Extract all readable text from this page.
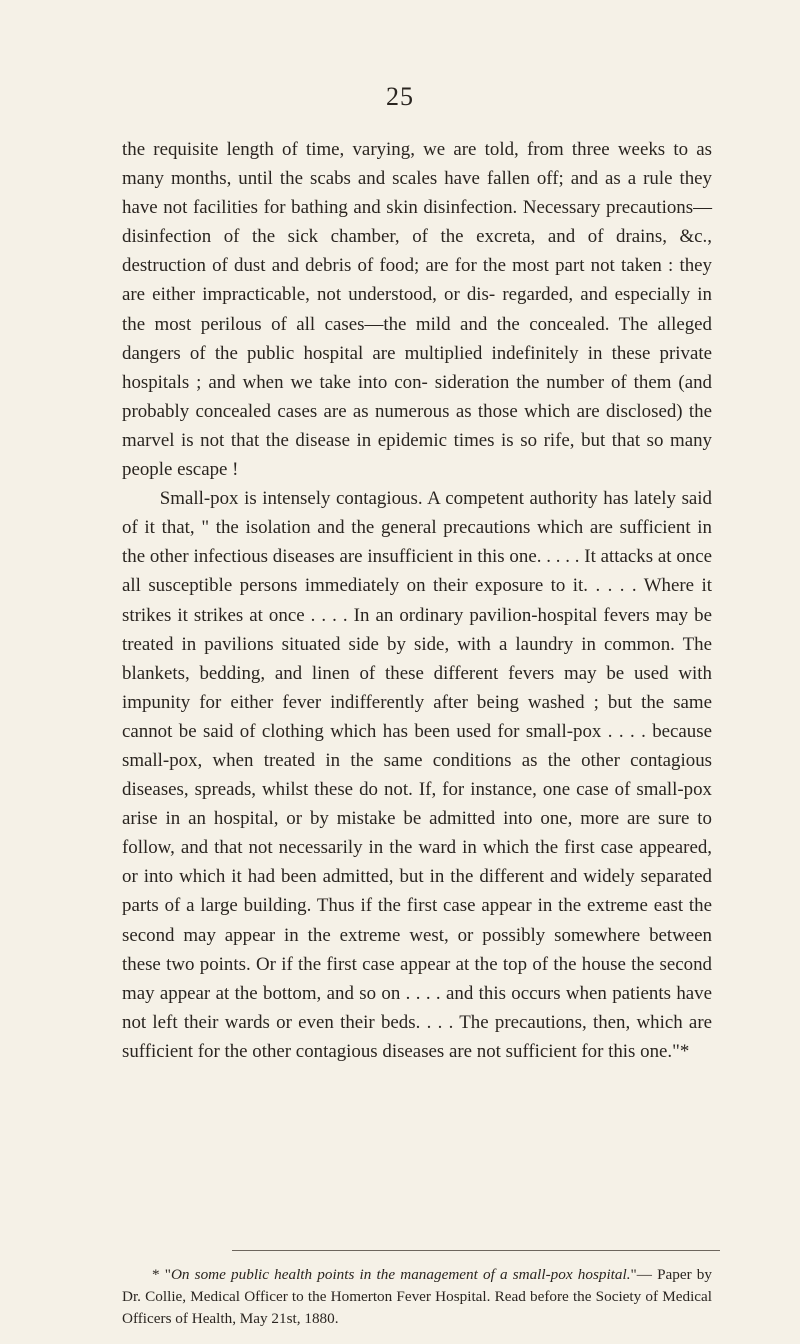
25

the requisite length of time, varying, we are told, from three weeks to as many months, until the scabs and scales have fallen off; and as a rule they have not facilities for bathing and skin disinfection. Necessary precautions—disinfection of the sick chamber, of the excreta, and of drains, &c., destruction of dust and debris of food; are for the most part not taken : they are either impracticable, not understood, or dis- regarded, and especially in the most perilous of all cases—the mild and the concealed. The alleged dangers of the public hospital are multiplied indefinitely in these private hospitals ; and when we take into con- sideration the number of them (and probably concealed cases are as numerous as those which are disclosed) the marvel is not that the disease in epidemic times is so rife, but that so many people escape !

Small-pox is intensely contagious. A competent authority has lately said of it that, " the isolation and the general precautions which are sufficient in the other infectious diseases are insufficient in this one. . . . . It attacks at once all susceptible persons immediately on their exposure to it. . . . . Where it strikes it strikes at once . . . . In an ordinary pavilion-hospital fevers may be treated in pavilions situated side by side, with a laundry in common. The blankets, bedding, and linen of these different fevers may be used with impunity for either fever indifferently after being washed ; but the same cannot be said of clothing which has been used for small-pox . . . . because small-pox, when treated in the same conditions as the other contagious diseases, spreads, whilst these do not. If, for instance, one case of small-pox arise in an hospital, or by mistake be admitted into one, more are sure to follow, and that not necessarily in the ward in which the first case appeared, or into which it had been admitted, but in the different and widely separated parts of a large building. Thus if the first case appear in the extreme east the second may appear in the extreme west, or possibly somewhere between these two points. Or if the first case appear at the top of the house the second may appear at the bottom, and so on . . . . and this occurs when patients have not left their wards or even their beds. . . . The precautions, then, which are sufficient for the other contagious diseases are not sufficient for this one."*

* "On some public health points in the management of a small-pox hospital."— Paper by Dr. Collie, Medical Officer to the Homerton Fever Hospital. Read before the Society of Medical Officers of Health, May 21st, 1880.
